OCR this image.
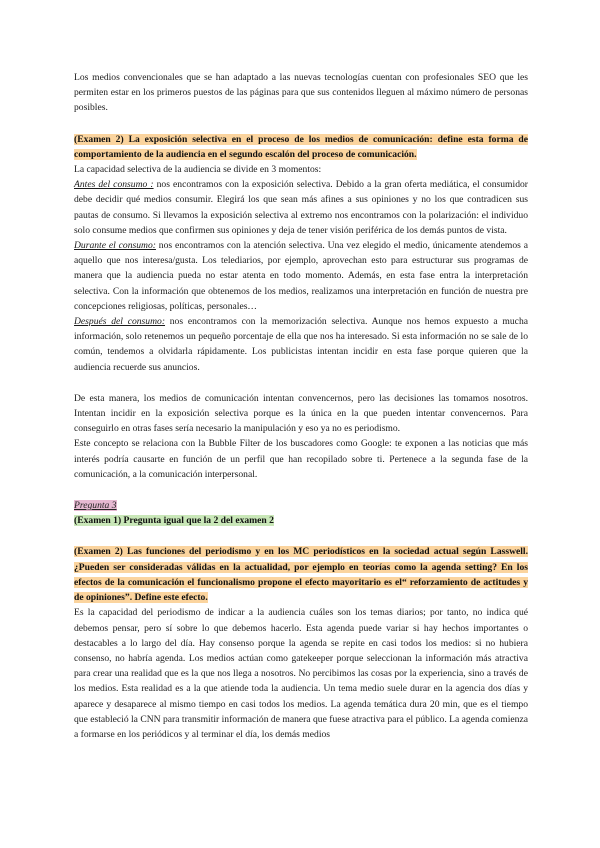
Los medios convencionales que se han adaptado a las nuevas tecnologías cuentan con profesionales SEO que les permiten estar en los primeros puestos de las páginas para que sus contenidos lleguen al máximo número de personas posibles.

(Examen 2) La exposición selectiva en el proceso de los medios de comunicación: define esta forma de comportamiento de la audiencia en el segundo escalón del proceso de comunicación.

La capacidad selectiva de la audiencia se divide en 3 momentos:

Antes del consumo : nos encontramos con la exposición selectiva. Debido a la gran oferta mediática, el consumidor debe decidir qué medios consumir. Elegirá los que sean más afines a sus opiniones y no los que contradicen sus pautas de consumo. Si llevamos la exposición selectiva al extremo nos encontramos con la polarización: el individuo solo consume medios que confirmen sus opiniones y deja de tener visión periférica de los demás puntos de vista.

Durante el consumo: nos encontramos con la atención selectiva. Una vez elegido el medio, únicamente atendemos a aquello que nos interesa/gusta. Los telediarios, por ejemplo, aprovechan esto para estructurar sus programas de manera que la audiencia pueda no estar atenta en todo momento. Además, en esta fase entra la interpretación selectiva. Con la información que obtenemos de los medios, realizamos una interpretación en función de nuestra pre concepciones religiosas, políticas, personales…

Después del consumo: nos encontramos con la memorización selectiva. Aunque nos hemos expuesto a mucha información, solo retenemos un pequeño porcentaje de ella que nos ha interesado. Si esta información no se sale de lo común, tendemos a olvidarla rápidamente. Los publicistas intentan incidir en esta fase porque quieren que la audiencia recuerde sus anuncios.

De esta manera, los medios de comunicación intentan convencernos, pero las decisiones las tomamos nosotros. Intentan incidir en la exposición selectiva porque es la única en la que pueden intentar convencernos. Para conseguirlo en otras fases sería necesario la manipulación y eso ya no es periodismo.

Este concepto se relaciona con la Bubble Filter de los buscadores como Google: te exponen a las noticias que más interés podría causarte en función de un perfil que han recopilado sobre ti. Pertenece a la segunda fase de la comunicación, a la comunicación interpersonal.

Pregunta 3

(Examen 1) Pregunta igual que la 2 del examen 2

(Examen 2) Las funciones del periodismo y en los MC periodísticos en la sociedad actual según Lasswell. ¿Pueden ser consideradas válidas en la actualidad, por ejemplo en teorías como la agenda setting? En los efectos de la comunicación el funcionalismo propone el efecto mayoritario es el“ reforzamiento de actitudes y de opiniones”. Define este efecto.

Es la capacidad del periodismo de indicar a la audiencia cuáles son los temas diarios; por tanto, no indica qué debemos pensar, pero sí sobre lo que debemos hacerlo. Esta agenda puede variar si hay hechos importantes o destacables a lo largo del día. Hay consenso porque la agenda se repite en casi todos los medios: si no hubiera consenso, no habría agenda. Los medios actúan como gatekeeper porque seleccionan la información más atractiva para crear una realidad que es la que nos llega a nosotros. No percibimos las cosas por la experiencia, sino a través de los medios. Esta realidad es a la que atiende toda la audiencia. Un tema medio suele durar en la agencia dos días y aparece y desaparece al mismo tiempo en casi todos los medios. La agenda temática dura 20 min, que es el tiempo que estableció la CNN para transmitir información de manera que fuese atractiva para el público. La agenda comienza a formarse en los periódicos y al terminar el día, los demás medios
